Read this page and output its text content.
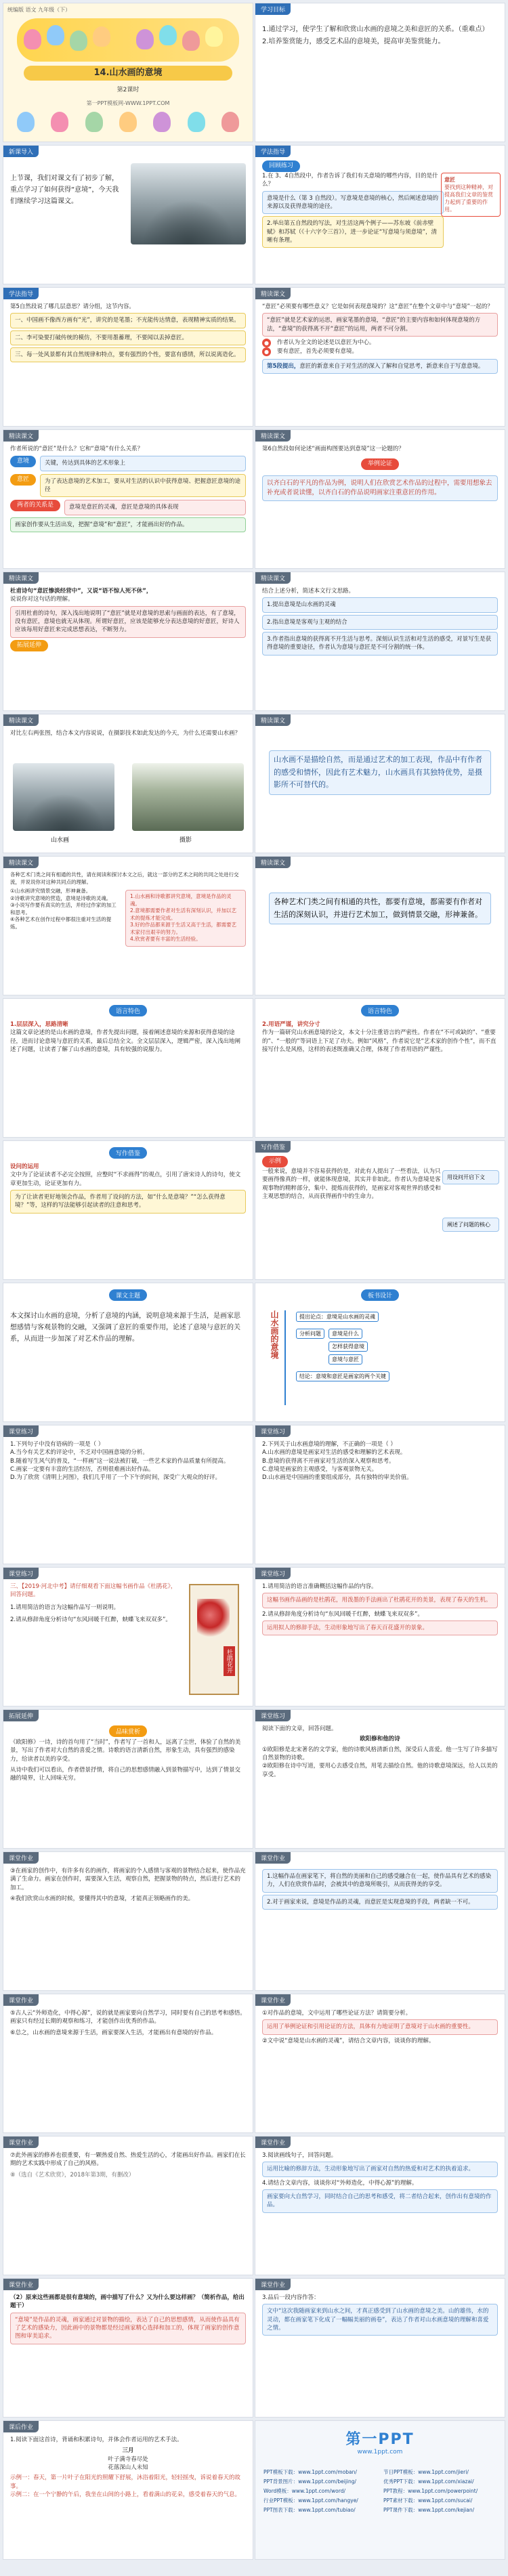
统编版 语文 九年级（下）
14.山水画的意境
第2课时
第一PPT模板网-WWW.1PPT.COM
学习目标
1.通过学习，使学生了解和欣赏山水画的意境之美和意匠的关系。（重难点）
2.培养鉴赏能力，感受艺术品的意境美，提高审美鉴赏能力。
新课导入
上节课，我们对课文有了初步了解，重点学习了如何获得“意境”，今天我们继续学习这篇课文。
学法指导
回顾练习
1.在 3、4自然段中，作者告诉了我们有关意境的哪些内容，目的是什么？
意境是什么（第 3 自然段）。写意境是意境的核心，然后阐述意境的来源以及获得意境的途径。
2.举出第五自然段的写法，对生活这两个例子——苏东坡《前赤壁赋》和苏轼（《十六字令三首》），进一步论证“写意境与须意境”，清晰有条理。
意匠
要找到这种精神，对提高我们文章的鉴赏力起到了重要的作用。
学法指导
第5自然段说了哪几层意思？请分组，这节内容。
一、中国画不像西方画有“光”，讲究的是笔墨；不光能传达情意，表现精神实质的结果。
二、李可染要打破传统的模仿，不要用墨蓄理，不要闻以丢掉意匠。
三、每一处风景都有其自然规律和特点，要有强烈的个性，要富有感情，所以说离造化。
精读课文
“意匠”必须要有哪些意义？它是如何表现意境的？这“意匠”在整个文章中与“意境”一起的？
“意匠”就是艺术家的运思，画家笔墨的意境，“意匠”的主要内容和如何体现意境的方法，“意境”的获得离不开“意匠”的运用，两者不可分割。
●	作者认为全文的论述是以意匠为中心。
●	要有意匠，首先必须要有意境。
第5段提出，意匠的新意来自于对生活的深入了解和自觉思考，新意来自于写意意境。
精读课文
作者所说的“意匠”是什么？它和“意境”有什么关系？
意境	关键，传达到具体的艺术形象上
意匠	为了表达意境的艺术加工，要从对生活的认识中获得意境、把握意匠意境的途径
两者的关系是	意境是意匠的灵魂，意匠是意境的具体表现
画家创作要从生活出发，把握“意境”和“意匠”，才能画出好的作品。
精读课文
第6自然段如何论述“画面构图要达到意境”这一论题的？
举例论证
以齐白石的平凡的作品为例，说明人们在欣赏艺术作品的过程中，需要用想象去补充或者说读懂，以齐白石的作品说明画家注重意匠的作用。
精读课文
杜甫诗句“意匠惨淡经营中”，又说“语不惊人死不休”，
说说你对这句话的理解。
引用杜甫的诗句，深入浅出地说明了“意匠”就是对意境的思索与画面的表达，有了意境，没有意匠，意境也就无从体现。所谓好意匠，应该是能够充分表达意境的好意匠，好诗人应该每用好意匠来完成思想表达，不断努力。
拓展延伸
精读课文
结合上述分析，简述本文行文思路。
1.提出意境是山水画的灵魂
2.指出意境是客观与主观的结合
3.作者指出意境的获得离不开生活与思考。深刻认识生活和对生活的感受，对景写生是获得意境的重要途径，作者认为意境与意匠是不可分割的统一体。
精读课文
对比左右两张图，结合本文内容说说，在摄影技术如此发达的今天，为什么还需要山水画？
山水画	摄影
精读课文
山水画不是描绘自然，而是通过艺术的加工表现，作品中有作者的感受和情怀，因此有艺术魅力，山水画具有其独特优势，是摄影所不可替代的。
精读课文
各种艺术门类之间有相通的共性，请在阅读和探讨本文之后，就这一部分的艺术之间的共同之处进行交流，并说说你对这种共同点的理解。
①山水画讲究情景交融，形神兼备。
②诗歌讲究意境的营造，意境是诗歌的灵魂。
③小说写作要有真实的生活，并经过作家的加工和思考。
④各种艺术在创作过程中都很注重对生活的提炼。
1.山水画和诗歌都讲究意境，意境是作品的灵魂。
2.意境都需要作者对生活有深刻认识，并加以艺术的提炼才能完成。
3.好的作品都来源于生活又高于生活，都需要艺术家付出艰辛的努力。
4.欣赏者要有丰富的生活经验。
精读课文
各种艺术门类之间有相通的共性，都要有意境，都需要有作者对生活的深刻认识，并进行艺术加工，做到情景交融，形神兼备。
语言特色
1.层层深入，思路清晰
这篇文章论述的是山水画的意境，作者先提出问题，接着阐述意境的来源和获得意境的途径，进而讨论意境与意匠的关系，最后总结全文。全文层层深入，逻辑严密，深入浅出地阐述了问题，让读者了解了山水画的意境，具有较强的说服力。
语言特色
2.用语严谨，讲究分寸
作为一篇研究山水画意境的论文，本文十分注重语言的严密性。作者在“不可或缺的”、“重要的”、“一般的”等词语上下足了功夫。例如“风格”，作者说它是“艺术家的创作个性”，而不直接写什么是风格，这样的表述既准确又合理，体现了作者用语的严谨性。
写作借鉴
设问的运用
文中为了论证读者不必完全按照，应整时“不求画得”的观点，引用了唐宋诗人的诗句，使文章更加生动，论证更加有力。
为了让读者更好地领会作品，作者用了设问的方法，如“什么是意境？”“怎么获得意境？”等，这样的写法能够引起读者的注意和思考。
写作借鉴
示例
一般来说，意境并不容易获得的是，对此有人提出了一些看法，认为只要画得像真的一样，就能体现意境，其实并非如此。作者认为意境是客观事物的精粹部分，集中、提炼而获得的，是画家对客观世界的感受和主观思想的结合，从而获得画作中的生命力。
用设问开启下文
阐述了问题的核心
课文主题
本文探讨山水画的意境，分析了意境的内涵，说明意境来源于生活，是画家思想感情与客观景物的交融，又强调了意匠的重要作用，论述了意境与意匠的关系，从而进一步加深了对艺术作品的理解。
板书设计
山水画的意境	提出论点：意境是山水画的灵魂
分析问题	意境是什么
怎样获得意境
意境与意匠
结论：意境和意匠是画家的两个关键
课堂练习
1.下列句子中没有语病的一项是（ ）
A.当今有关艺术的评论中，不乏对中国画意境的分析。
B.随着写生风气的普及，“一样画”这一说法被打破，一些艺术家的作品质量有所提高。
C.画家一定要有丰富的生活经历，否则很难画出好作品。
D.为了欣赏《清明上河图》，我们几乎用了一个下午的时间，深受广大观众的好评。
课堂练习
2.下列关于山水画意境的理解，不正确的一项是（ ）
A.山水画的意境是画家对生活的感受和理解的艺术表现。
B.意境的获得离不开画家对生活的深入观察和思考。
C.意境是画家的主观感受，与客观景物无关。
D.山水画是中国画的重要组成部分，具有独特的审美价值。
课堂练习
三、【2019·河北中考】请仔细观看下面这幅书画作品《杜鹃花》，回答问题。
1.请用简洁的语言为这幅作品写一则说明。
2.请从修辞角度分析诗句“东风回暖千红醉，蛱蝶飞来双双多”。
杜鹃花开
课堂练习
1.请用简洁的语言准确概括这幅作品的内容。
这幅书画作品画的是杜鹃花，用泼墨的手法画出了杜鹃花开的美景，表现了春天的生机。
2.请从修辞角度分析诗句“东风回暖千红醉，蛱蝶飞来双双多”。
运用拟人的修辞手法，生动形象地写出了春天百花盛开的景象。
拓展延伸
品味赏析
《欧阳修》一诗，诗的首句用了“当时”，作者写了一首和人，远离了尘世，体验了自然的美景，写出了作者对大自然的喜爱之情。诗歌的语言清新自然，形象生动，具有强烈的感染力，给读者以美的享受。
从诗中我们可以看出，作者借景抒情，将自己的思想感情融入到景物描写中，达到了情景交融的境界，让人回味无穷。
课堂练习
阅读下面的文章，回答问题。
欧阳修和他的诗
①欧阳修是北宋著名的文学家，他的诗歌风格清新自然，深受后人喜爱。他一生写了许多描写自然景物的诗歌。
②欧阳修在诗中写道，要用心去感受自然，用笔去描绘自然。他的诗歌意境深远，给人以美的享受。
课堂作业
③在画家的创作中，有许多有名的画作，将画家的个人感情与客观的景物结合起来，使作品充满了生命力。画家在创作时，需要深入生活，观察自然，把握景物的特点，然后进行艺术的加工。
④我们欣赏山水画的时候，要懂得其中的意境，才能真正领略画作的美。
课堂作业
1.这幅作品在画家笔下，将自然的美丽和自己的感受融合在一起，使作品具有艺术的感染力，人们在欣赏作品时，会被其中的意境所吸引，从而获得美的享受。
2.对于画家来说，意境是作品的灵魂，而意匠是实现意境的手段，两者缺一不可。
课堂作业
⑤古人云“外师造化，中得心源”，说的就是画家要向自然学习，同时要有自己的思考和感悟。画家只有经过长期的观察和练习，才能创作出优秀的作品。
⑥总之，山水画的意境来源于生活，画家要深入生活，才能画出有意境的好作品。
课堂作业
①对作品的意境，文中运用了哪些论证方法？请简要分析。
运用了举例论证和引用论证的方法，具体有力地证明了意境对于山水画的重要性。
②文中说“意境是山水画的灵魂”，请结合文章内容，谈谈你的理解。
课堂作业
⑦此外画家的修养也很重要，有一颗热爱自然、热爱生活的心，才能画出好作品。画家们在长期的艺术实践中形成了自己的风格。
⑧（选自《艺术欣赏》，2018年第3期，有删改）
课堂作业
3.阅读画线句子，回答问题。
运用比喻的修辞方法，生动形象地写出了画家对自然的热爱和对艺术的执着追求。
4.请结合文章内容，谈谈你对“外师造化，中得心源”的理解。
画家要向大自然学习，同时结合自己的思考和感受，将二者结合起来，创作出有意境的作品。
课堂作业
（2）原来这些画都是很有意境的，画中描写了什么？又为什么要这样画？（简析作品，给出题干）
“意境”是作品的灵魂，画家通过对景物的描绘，表达了自己的思想感情，从而使作品具有了艺术的感染力，因此画中的景物都是经过画家精心选择和加工的，体现了画家的创作意图和审美追求。
课堂作业
3.品后一段内容作答：
文中“这次我随画家来到山水之间，才真正感受到了山水画的意境之美。山的雄伟，水的灵动，都在画家笔下化成了一幅幅美丽的画卷”，表达了作者对山水画意境的理解和喜爱之情。
课后作业
1.阅读下面这首诗，背诵和积累诗句，并体会作者运用的艺术手法。
三月
叶子满寺春尽处
花落深山人未知
示例一：春天，第一片叶子在阳光的照耀下舒展，沐浴着阳光，轻轻摇曳，诉说着春天的故事。
示例二：在一个宁静的午后，我坐在山间的小路上，看着满山的花朵，感受着春天的气息。
第一PPT
www.1ppt.com
PPT模板下载：www.1ppt.com/moban/	节日PPT模板：www.1ppt.com/jieri/
PPT背景图片：www.1ppt.com/beijing/	优秀PPT下载：www.1ppt.com/xiazai/
Word模板：www.1ppt.com/word/	PPT教程：www.1ppt.com/powerpoint/
行业PPT模板：www.1ppt.com/hangye/	PPT素材下载：www.1ppt.com/sucai/
PPT图表下载：www.1ppt.com/tubiao/	PPT课件下载：www.1ppt.com/kejian/
